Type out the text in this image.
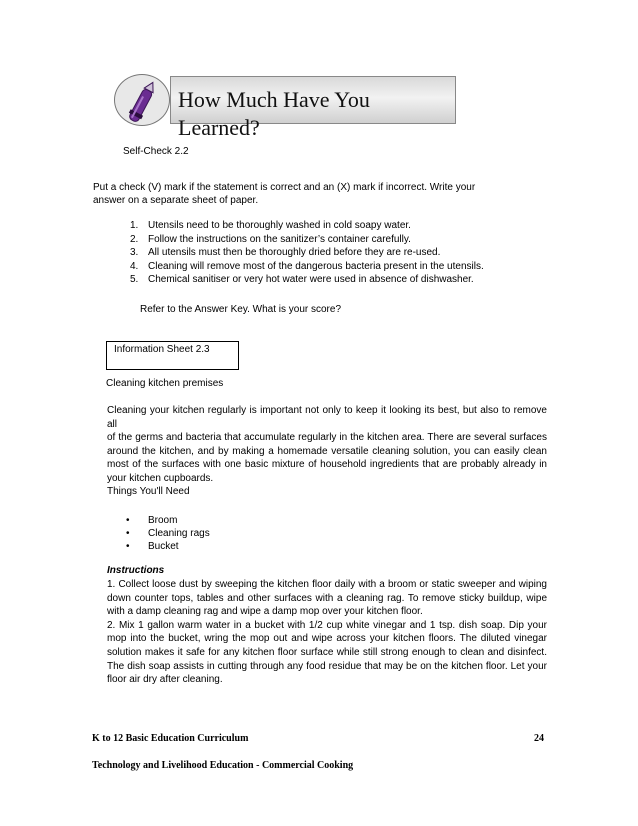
How Much Have You Learned?
Self-Check 2.2
Put a check (V) mark if the statement is correct and an (X) mark if incorrect. Write your
answer on a separate sheet of paper.
1. Utensils need to be thoroughly washed in cold soapy water.
2. Follow the instructions on the sanitizer’s container carefully.
3. All utensils must then be thoroughly dried before they are re-used.
4. Cleaning will remove most of the dangerous bacteria present in the utensils.
5. Chemical sanitiser or very hot water were used in absence of dishwasher.
Refer to the Answer Key. What is your score?
Information Sheet 2.3
Cleaning kitchen premises
Cleaning your kitchen regularly is important not only to keep it looking its best, but also to remove all
of the germs and bacteria that accumulate regularly in the kitchen area. There are several surfaces
around the kitchen, and by making a homemade versatile cleaning solution, you can easily clean
most of the surfaces with one basic mixture of household ingredients that are probably already in
your kitchen cupboards.
Things You'll Need
• Broom
• Cleaning rags
• Bucket
Instructions
1. Collect loose dust by sweeping the kitchen floor daily with a broom or static sweeper and wiping
down counter tops, tables and other surfaces with a cleaning rag. To remove sticky buildup, wipe
with a damp cleaning rag and wipe a damp mop over your kitchen floor.
2. Mix 1 gallon warm water in a bucket with 1/2 cup white vinegar and 1 tsp. dish soap. Dip your
mop into the bucket, wring the mop out and wipe across your kitchen floors. The diluted vinegar
solution makes it safe for any kitchen floor surface while still strong enough to clean and disinfect.
The dish soap assists in cutting through any food residue that may be on the kitchen floor. Let your
floor air dry after cleaning.
K to 12 Basic Education Curriculum	24
Technology and Livelihood Education - Commercial Cooking
